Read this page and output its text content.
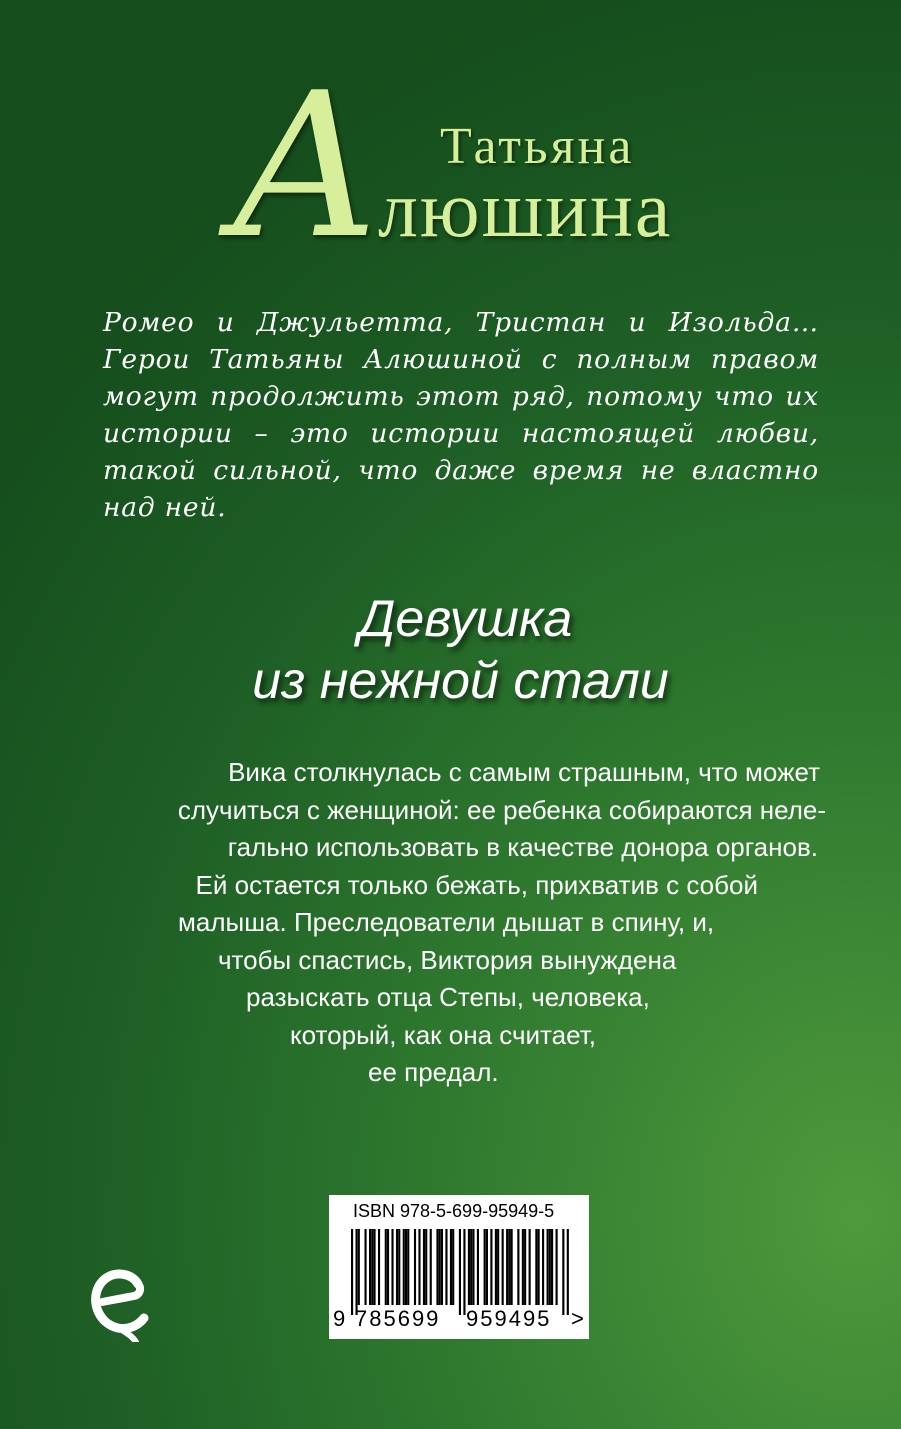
А Татьяна
люшина

Ромео и Джульетта, Тристан и Изольда… Герои Татьяны Алюшиной с полным правом могут продолжить этот ряд, потому что их истории – это истории настоящей любви, такой сильной, что даже время не властно над ней.

Девушка
из нежной стали
Вика столкнулась с самым страшным, что может
случиться с женщиной: ее ребенка собираются неле-
гально использовать в качестве донора органов.
Ей остается только бежать, прихватив с собой
малыша. Преследователи дышат в спину, и,
чтобы спастись, Виктория вынуждена
разыскать отца Степы, человека,
который, как она считает,
ее предал.
ISBN 978-5-699-95949-5
9 785699 959495 >
